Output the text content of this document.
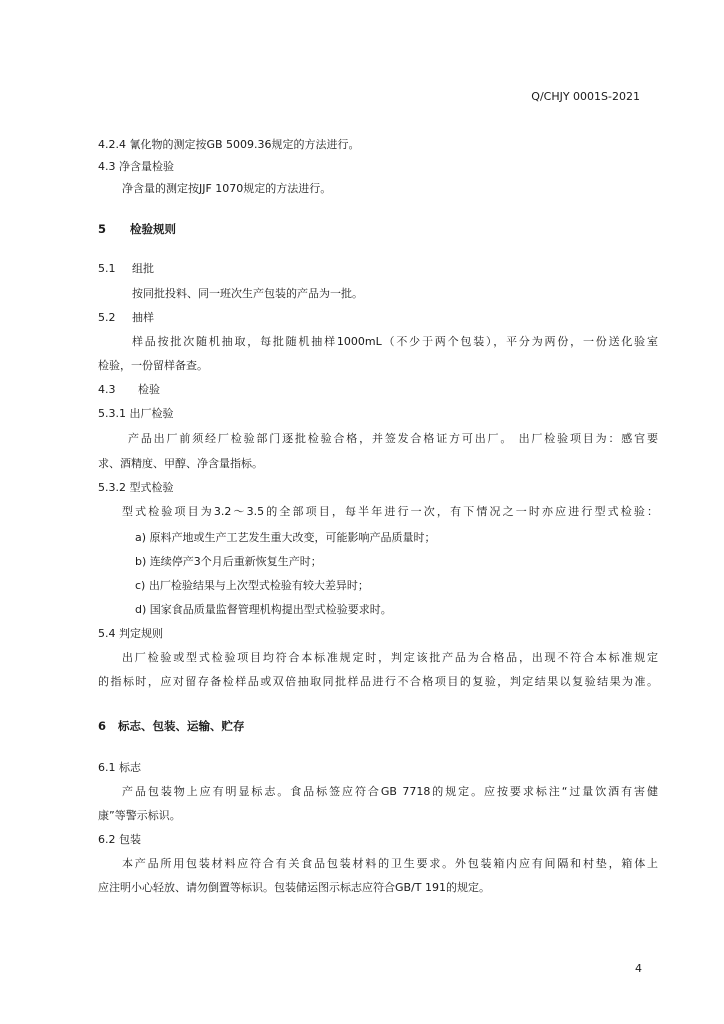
Q/CHJY 0001S-2021
4.2.4 氰化物的测定按GB 5009.36规定的方法进行。
4.3 净含量检验
净含量的测定按JJF 1070规定的方法进行。
5 检验规则
5.1 组批
按同批投料、同一班次生产包装的产品为一批。
5.2 抽样
样品按批次随机抽取，每批随机抽样1000mL（不少于两个包装），平分为两份，一份送化验室
检验，一份留样备查。
4.3 检验
5.3.1 出厂检验
产品出厂前须经厂检验部门逐批检验合格，并签发合格证方可出厂。 出厂检验项目为：感官要
求、酒精度、甲醇、净含量指标。
5.3.2 型式检验
型式检验项目为3.2～3.5的全部项目，每半年进行一次，有下情况之一时亦应进行型式检验：
a) 原料产地或生产工艺发生重大改变，可能影响产品质量时；
b) 连续停产3个月后重新恢复生产时；
c) 出厂检验结果与上次型式检验有较大差异时；
d) 国家食品质量监督管理机构提出型式检验要求时。
5.4 判定规则
出厂检验或型式检验项目均符合本标准规定时，判定该批产品为合格品，出现不符合本标准规定
的指标时，应对留存备检样品或双倍抽取同批样品进行不合格项目的复验，判定结果以复验结果为准。
6 标志、包装、运输、贮存
6.1 标志
产品包装物上应有明显标志。食品标签应符合GB 7718的规定。应按要求标注“过量饮酒有害健
康”等警示标识。
6.2 包装
本产品所用包装材料应符合有关食品包装材料的卫生要求。外包装箱内应有间隔和村垫，箱体上
应注明小心轻放、请勿倒置等标识。包装储运图示标志应符合GB/T 191的规定。
4
